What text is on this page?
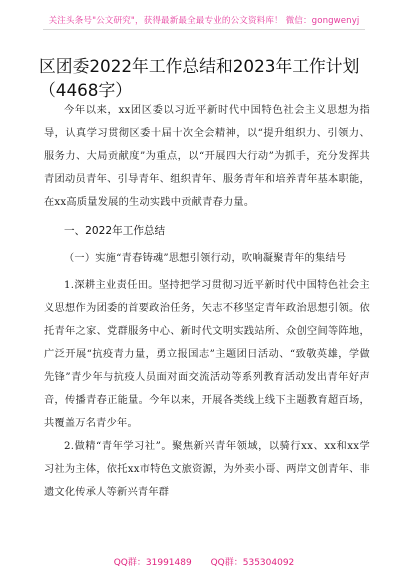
关注头条号"公文研究"，获得最新最全最专业的公文资料库！ 微信：gongwenyj
区团委2022年工作总结和2023年工作计划
（4468字）

今年以来，xx团区委以习近平新时代中国特色社会主义思想为指导，认真学习贯彻区委十届十次全会精神，以“提升组织力、引领力、服务力、大局贡献度”为重点，以“开展四大行动”为抓手，充分发挥共青团动员青年、引导青年、组织青年、服务青年和培养青年基本职能，在xx高质量发展的生动实践中贡献青春力量。

一、2022年工作总结

（一）实施“青春铸魂”思想引领行动，吹响凝聚青年的集结号

1.深耕主业责任田。坚持把学习贯彻习近平新时代中国特色社会主义思想作为团委的首要政治任务，矢志不移坚定青年政治思想引领。依托青年之家、党群服务中心、新时代文明实践站所、众创空间等阵地，广泛开展“抗疫青力量，勇立报国志”主题团日活动、“致敬英雄，学做先锋”青少年与抗疫人员面对面交流活动等系列教育活动发出青年好声音，传播青春正能量。今年以来，开展各类线上线下主题教育超百场，共覆盖万名青少年。

2.做精“青年学习社”。聚焦新兴青年领域，以骑行xx、xx和xx学习社为主体，依托xx市特色文旅资源，为外卖小哥、两岸文创青年、非遗文化传承人等新兴青年群

QQ群：31991489 QQ群：535304092
